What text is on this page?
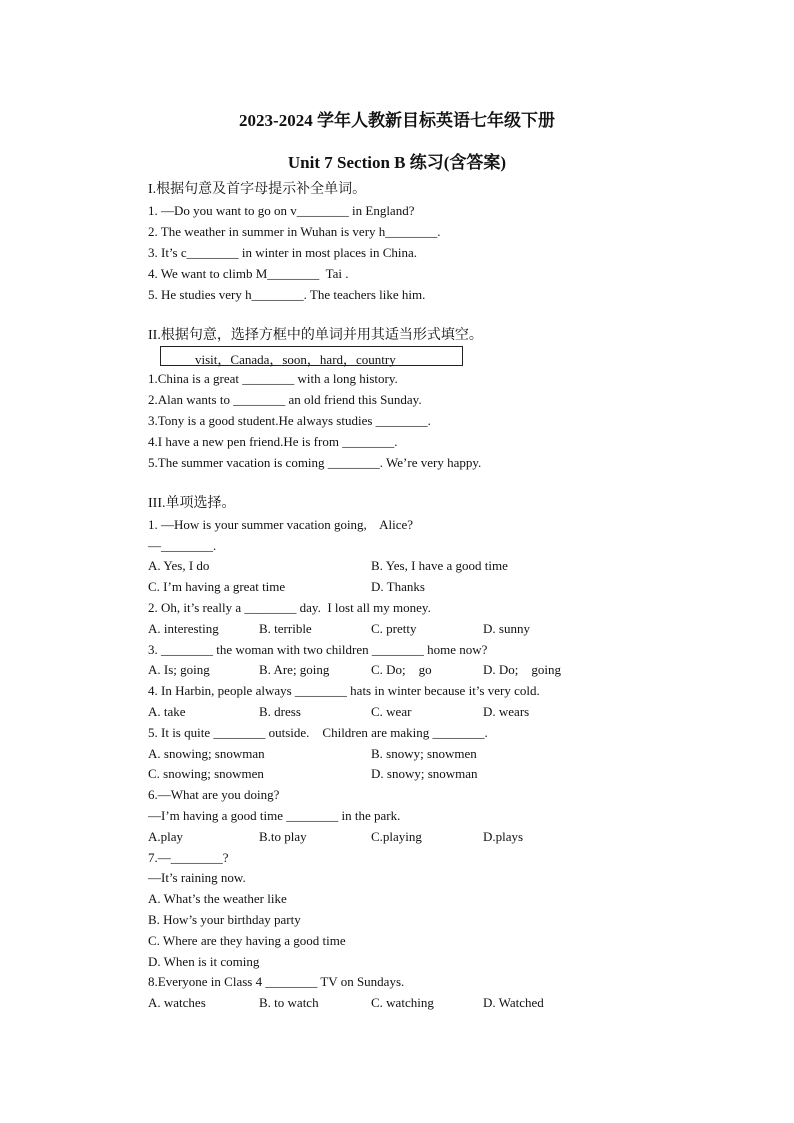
2023-2024 学年人教新目标英语七年级下册
Unit 7 Section B 练习(含答案)
I.根据句意及首字母提示补全单词。
1. —Do you want to go on v________ in England?
2. The weather in summer in Wuhan is very h________.
3. It’s c________ in winter in most places in China.
4. We want to climb M________  Tai .
5. He studies very h________. The teachers like him.
II.根据句意，选择方框中的单词并用其适当形式填空。
visit，Canada，soon，hard，country
1.China is a great ________ with a long history.
2.Alan wants to ________ an old friend this Sunday.
3.Tony is a good student.He always studies ________.
4.I have a new pen friend.He is from ________.
5.The summer vacation is coming ________. We’re very happy.
III.单项选择。
1. —How is your summer vacation going,    Alice?
—________.
A. Yes, I do	B. Yes, I have a good time
C. I’m having a great time	D. Thanks
2. Oh, it’s really a ________ day.  I lost all my money.
A. interesting	B. terrible	C. pretty	D. sunny
3. ________ the woman with two children ________ home now?
A. Is; going	B. Are; going	C. Do;    go	D. Do;    going
4. In Harbin, people always ________ hats in winter because it’s very cold.
A. take	B. dress	C. wear	D. wears
5. It is quite ________ outside.    Children are making ________.
A. snowing; snowman	B. snowy; snowmen
C. snowing; snowmen	D. snowy; snowman
6.—What are you doing?
—I’m having a good time ________ in the park.
A.play	B.to play	C.playing	D.plays
7.—________?
—It’s raining now.
A. What’s the weather like
B. How’s your birthday party
C. Where are they having a good time
D. When is it coming
8.Everyone in Class 4 ________ TV on Sundays.
A. watches	B. to watch	C. watching	D. Watched
